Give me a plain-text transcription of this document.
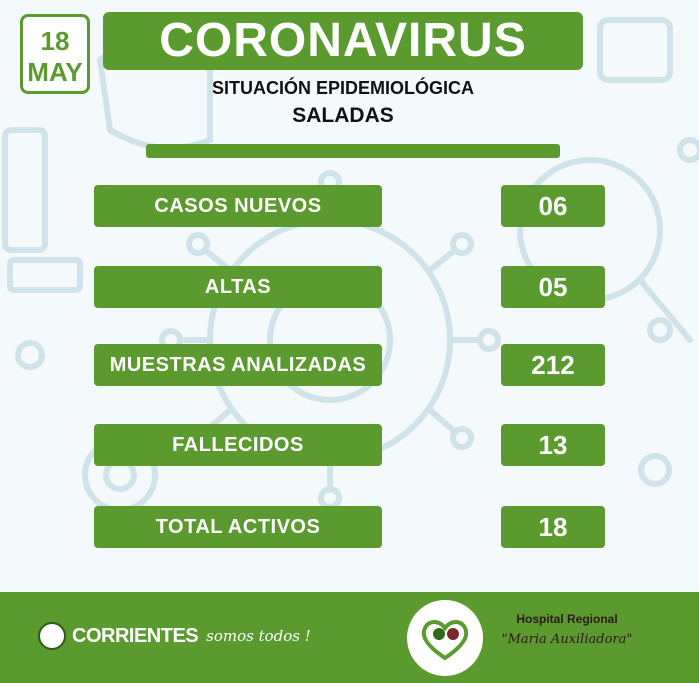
18
MAY
CORONAVIRUS
SITUACIÓN EPIDEMIOLÓGICA
SALADAS
CASOS NUEVOS	06
ALTAS	05
MUESTRAS ANALIZADAS	212
FALLECIDOS	13
TOTAL ACTIVOS	18
CORRIENTES somos todos !
Hospital Regional
"Maria Auxiliadora"
